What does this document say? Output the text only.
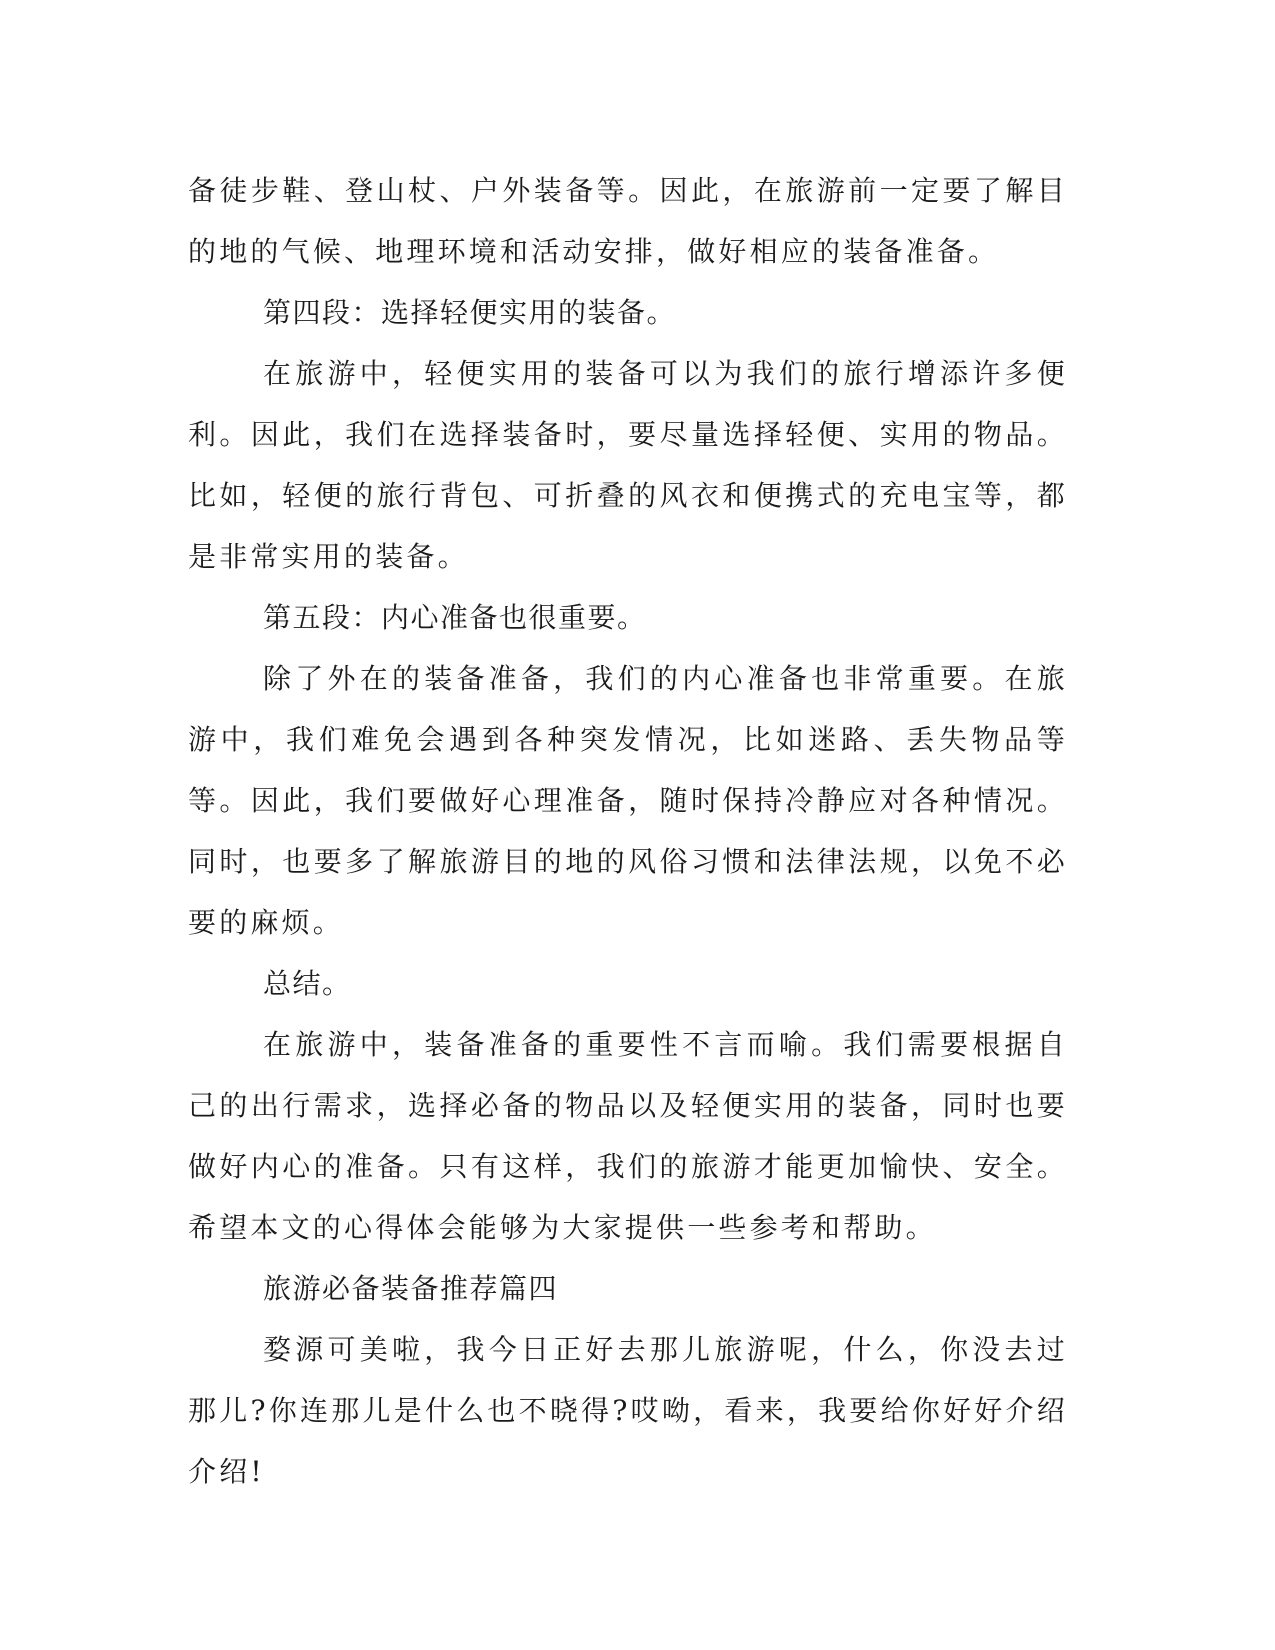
备徒步鞋、登山杖、户外装备等。因此，在旅游前一定要了解目的地的气候、地理环境和活动安排，做好相应的装备准备。

第四段：选择轻便实用的装备。

在旅游中，轻便实用的装备可以为我们的旅行增添许多便利。因此，我们在选择装备时，要尽量选择轻便、实用的物品。比如，轻便的旅行背包、可折叠的风衣和便携式的充电宝等，都是非常实用的装备。

第五段：内心准备也很重要。

除了外在的装备准备，我们的内心准备也非常重要。在旅游中，我们难免会遇到各种突发情况，比如迷路、丢失物品等等。因此，我们要做好心理准备，随时保持冷静应对各种情况。同时，也要多了解旅游目的地的风俗习惯和法律法规，以免不必要的麻烦。

总结。

在旅游中，装备准备的重要性不言而喻。我们需要根据自己的出行需求，选择必备的物品以及轻便实用的装备，同时也要做好内心的准备。只有这样，我们的旅游才能更加愉快、安全。希望本文的心得体会能够为大家提供一些参考和帮助。

旅游必备装备推荐篇四

婺源可美啦，我今日正好去那儿旅游呢，什么，你没去过那儿?你连那儿是什么也不晓得?哎呦，看来，我要给你好好介绍介绍!
